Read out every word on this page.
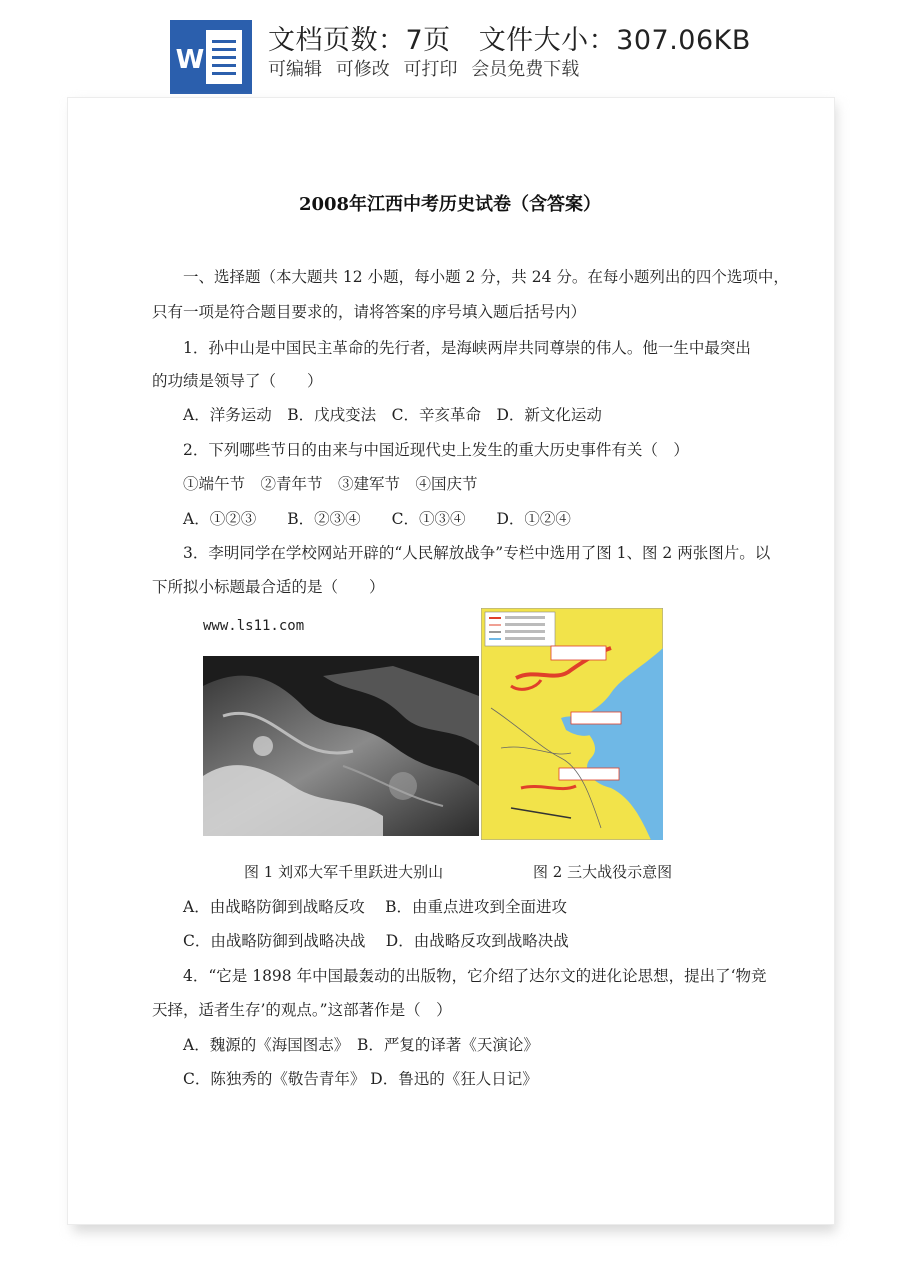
W
文档页数：7页 文件大小：307.06KB
可编辑 可修改 可打印 会员免费下载
2008年江西中考历史试卷（含答案）
一、选择题（本大题共 12 小题，每小题 2 分，共 24 分。在每小题列出的四个选项中，
只有一项是符合题目要求的，请将答案的序号填入题后括号内）
1．孙中山是中国民主革命的先行者，是海峡两岸共同尊崇的伟人。他一生中最突出
的功绩是领导了（　　）
A．洋务运动　B．戊戌变法　C．辛亥革命　D．新文化运动
2．下列哪些节日的由来与中国近现代史上发生的重大历史事件有关（　）
①端午节　②青年节　③建军节　④国庆节
A．①②③　　B．②③④　　C．①③④　　D．①②④
3．李明同学在学校网站开辟的“人民解放战争”专栏中选用了图 1、图 2 两张图片。以
下所拟小标题最合适的是（　　）
www.ls11.com
图 1 刘邓大军千里跃进大别山	图 2 三大战役示意图
A．由战略防御到战略反攻　 B．由重点进攻到全面进攻
C．由战略防御到战略决战　 D．由战略反攻到战略决战
4．“它是 1898 年中国最轰动的出版物，它介绍了达尔文的进化论思想，提出了‘物竞
天择，适者生存’的观点。”这部著作是（　）
A．魏源的《海国图志》　B．严复的译著《天演论》
C．陈独秀的《敬告青年》 D．鲁迅的《狂人日记》
